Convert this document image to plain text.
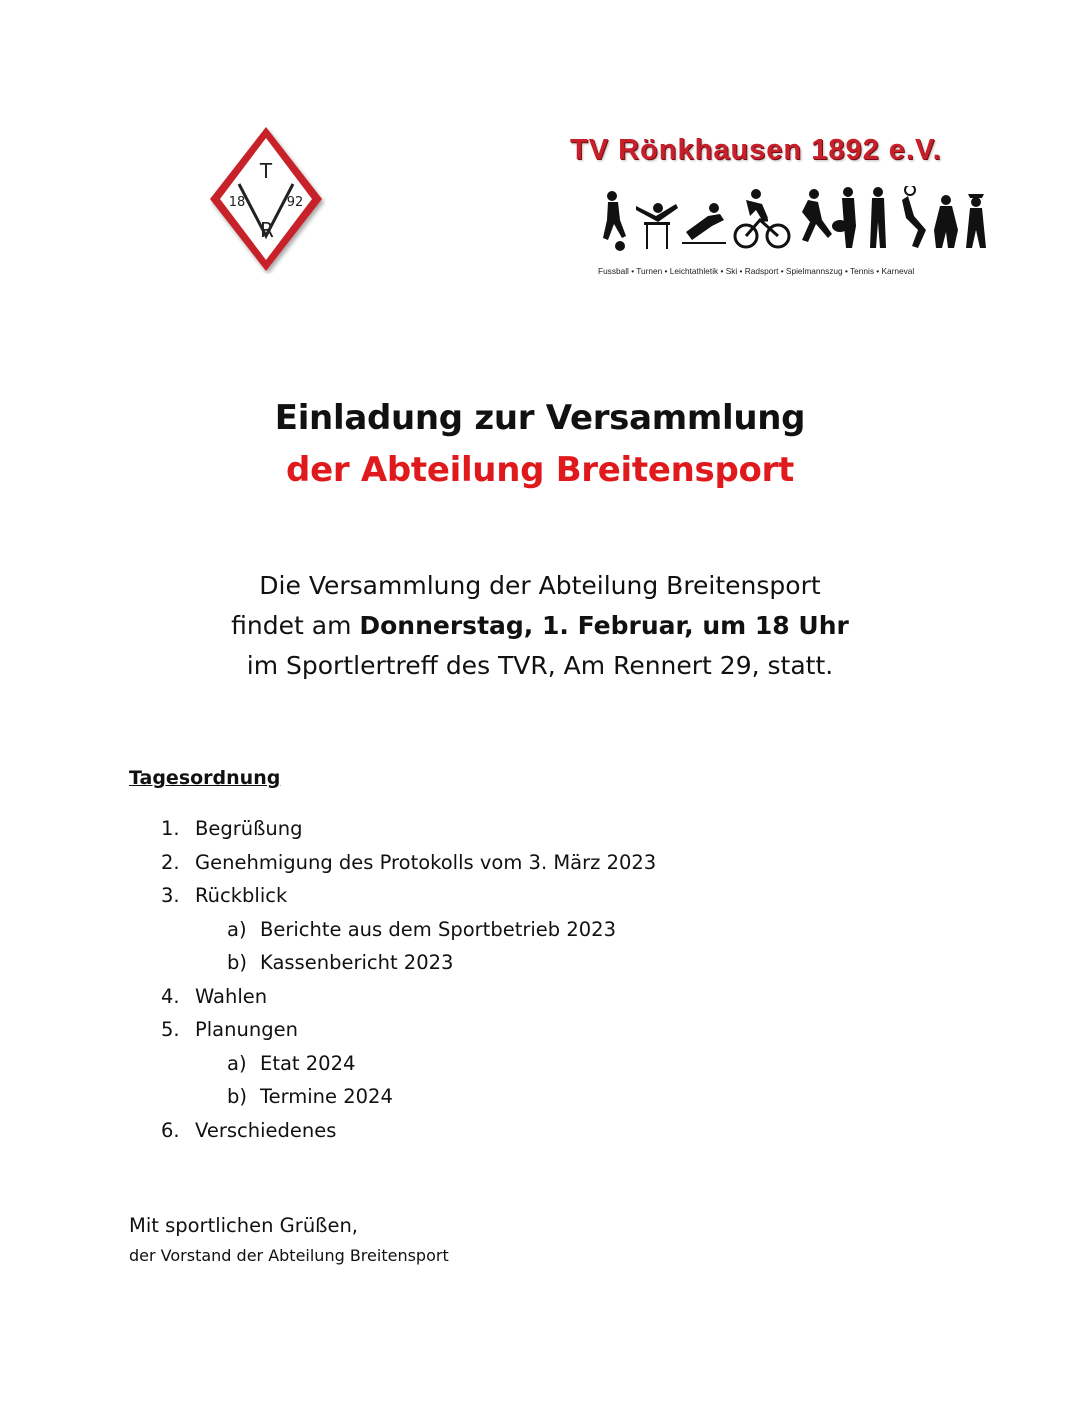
T
18	92
R
TV Rönkhausen 1892 e.V.
Fussball • Turnen • Leichtathletik • Ski • Radsport • Spielmannszug • Tennis • Karneval
Einladung zur Versammlung
der Abteilung Breitensport
Die Versammlung der Abteilung Breitensport
findet am Donnerstag, 1. Februar, um 18 Uhr
im Sportlertreff des TVR, Am Rennert 29, statt.
Tagesordnung
1. Begrüßung
2. Genehmigung des Protokolls vom 3. März 2023
3. Rückblick
a) Berichte aus dem Sportbetrieb 2023
b) Kassenbericht 2023
4. Wahlen
5. Planungen
a) Etat 2024
b) Termine 2024
6. Verschiedenes
Mit sportlichen Grüßen,
der Vorstand der Abteilung Breitensport
